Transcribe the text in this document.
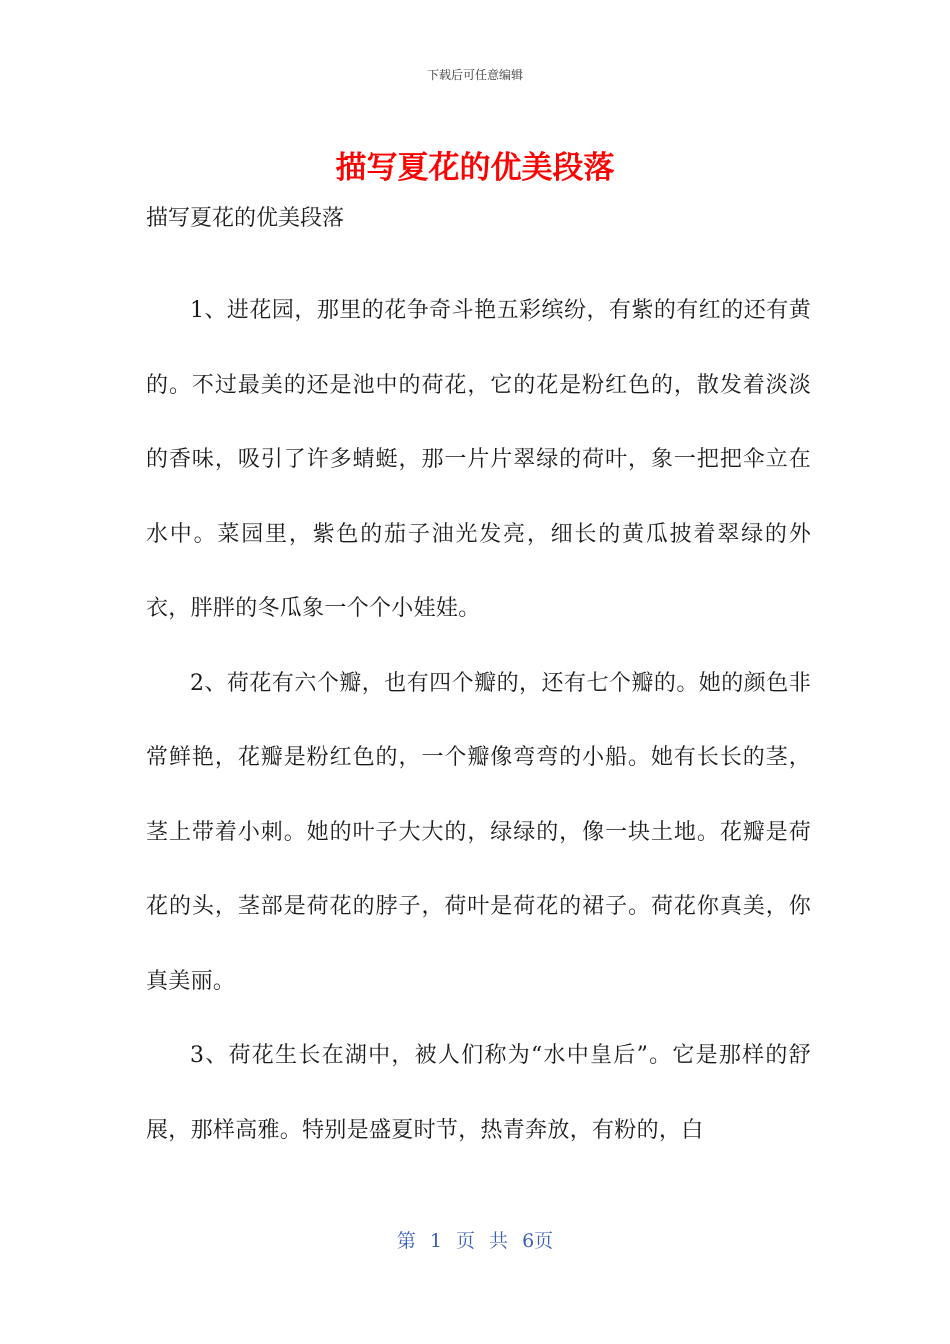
下载后可任意编辑
描写夏花的优美段落

描写夏花的优美段落

1、进花园，那里的花争奇斗艳五彩缤纷，有紫的有红的还有黄的。不过最美的还是池中的荷花，它的花是粉红色的，散发着淡淡的香味，吸引了许多蜻蜓，那一片片翠绿的荷叶，象一把把伞立在水中。菜园里，紫色的茄子油光发亮，细长的黄瓜披着翠绿的外衣，胖胖的冬瓜象一个个小娃娃。

2、荷花有六个瓣，也有四个瓣的，还有七个瓣的。她的颜色非常鲜艳，花瓣是粉红色的，一个瓣像弯弯的小船。她有长长的茎，茎上带着小刺。她的叶子大大的，绿绿的，像一块土地。花瓣是荷花的头，茎部是荷花的脖子，荷叶是荷花的裙子。荷花你真美，你真美丽。

3、荷花生长在湖中，被人们称为“水中皇后”。它是那样的舒展，那样高雅。特别是盛夏时节，热青奔放，有粉的，白

第 1 页 共 6页
